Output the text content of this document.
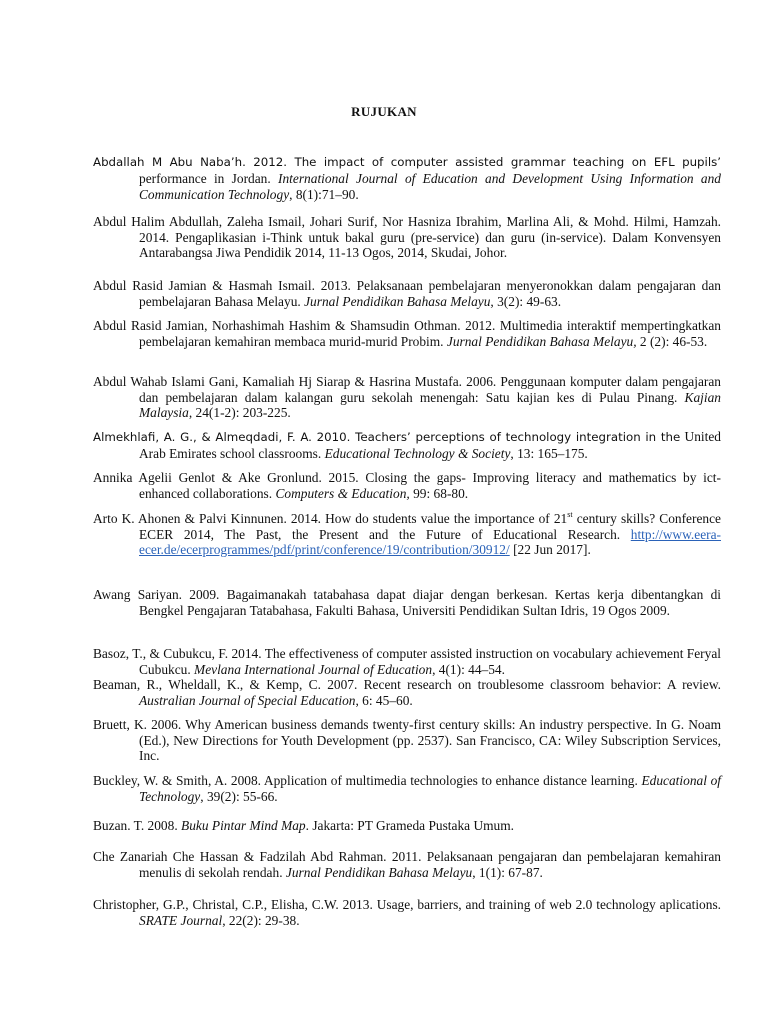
RUJUKAN
Abdallah M Abu Naba’h. 2012. The impact of computer assisted grammar teaching on EFL pupils’ performance in Jordan. International Journal of Education and Development Using Information and Communication Technology, 8(1):71–90.
Abdul Halim Abdullah, Zaleha Ismail, Johari Surif, Nor Hasniza Ibrahim, Marlina Ali, & Mohd. Hilmi, Hamzah. 2014. Pengaplikasian i-Think untuk bakal guru (pre-service) dan guru (in-service). Dalam Konvensyen Antarabangsa Jiwa Pendidik 2014, 11-13 Ogos, 2014, Skudai, Johor.
Abdul Rasid Jamian & Hasmah Ismail. 2013. Pelaksanaan pembelajaran menyeronokkan dalam pengajaran dan pembelajaran Bahasa Melayu. Jurnal Pendidikan Bahasa Melayu, 3(2): 49-63.
Abdul Rasid Jamian, Norhashimah Hashim & Shamsudin Othman. 2012. Multimedia interaktif mempertingkatkan pembelajaran kemahiran membaca murid-murid Probim. Jurnal Pendidikan Bahasa Melayu, 2 (2): 46-53.
Abdul Wahab Islami Gani, Kamaliah Hj Siarap & Hasrina Mustafa. 2006. Penggunaan komputer dalam pengajaran dan pembelajaran dalam kalangan guru sekolah menengah: Satu kajian kes di Pulau Pinang. Kajian Malaysia, 24(1-2): 203-225.
Almekhlafi, A. G., & Almeqdadi, F. A. 2010. Teachers’ perceptions of technology integration in the United Arab Emirates school classrooms. Educational Technology & Society, 13: 165–175.
Annika Agelii Genlot & Ake Gronlund. 2015. Closing the gaps- Improving literacy and mathematics by ict-enhanced collaborations. Computers & Education, 99: 68-80.
Arto K. Ahonen & Palvi Kinnunen. 2014. How do students value the importance of 21st century skills? Conference ECER 2014, The Past, the Present and the Future of Educational Research. http://www.eera-ecer.de/ecerprogrammes/pdf/print/conference/19/contribution/30912/ [22 Jun 2017].
Awang Sariyan. 2009. Bagaimanakah tatabahasa dapat diajar dengan berkesan. Kertas kerja dibentangkan di Bengkel Pengajaran Tatabahasa, Fakulti Bahasa, Universiti Pendidikan Sultan Idris, 19 Ogos 2009.
Basoz, T., & Cubukcu, F. 2014. The effectiveness of computer assisted instruction on vocabulary achievement Feryal Cubukcu. Mevlana International Journal of Education, 4(1): 44–54.
Beaman, R., Wheldall, K., & Kemp, C. 2007. Recent research on troublesome classroom behavior: A review. Australian Journal of Special Education, 6: 45–60.
Bruett, K. 2006. Why American business demands twenty-first century skills: An industry perspective. In G. Noam (Ed.), New Directions for Youth Development (pp. 2537). San Francisco, CA: Wiley Subscription Services, Inc.
Buckley, W. & Smith, A. 2008. Application of multimedia technologies to enhance distance learning. Educational of Technology, 39(2): 55-66.
Buzan. T. 2008. Buku Pintar Mind Map. Jakarta: PT Grameda Pustaka Umum.
Che Zanariah Che Hassan & Fadzilah Abd Rahman. 2011. Pelaksanaan pengajaran dan pembelajaran kemahiran menulis di sekolah rendah. Jurnal Pendidikan Bahasa Melayu, 1(1): 67-87.
Christopher, G.P., Christal, C.P., Elisha, C.W. 2013. Usage, barriers, and training of web 2.0 technology aplications. SRATE Journal, 22(2): 29-38.
